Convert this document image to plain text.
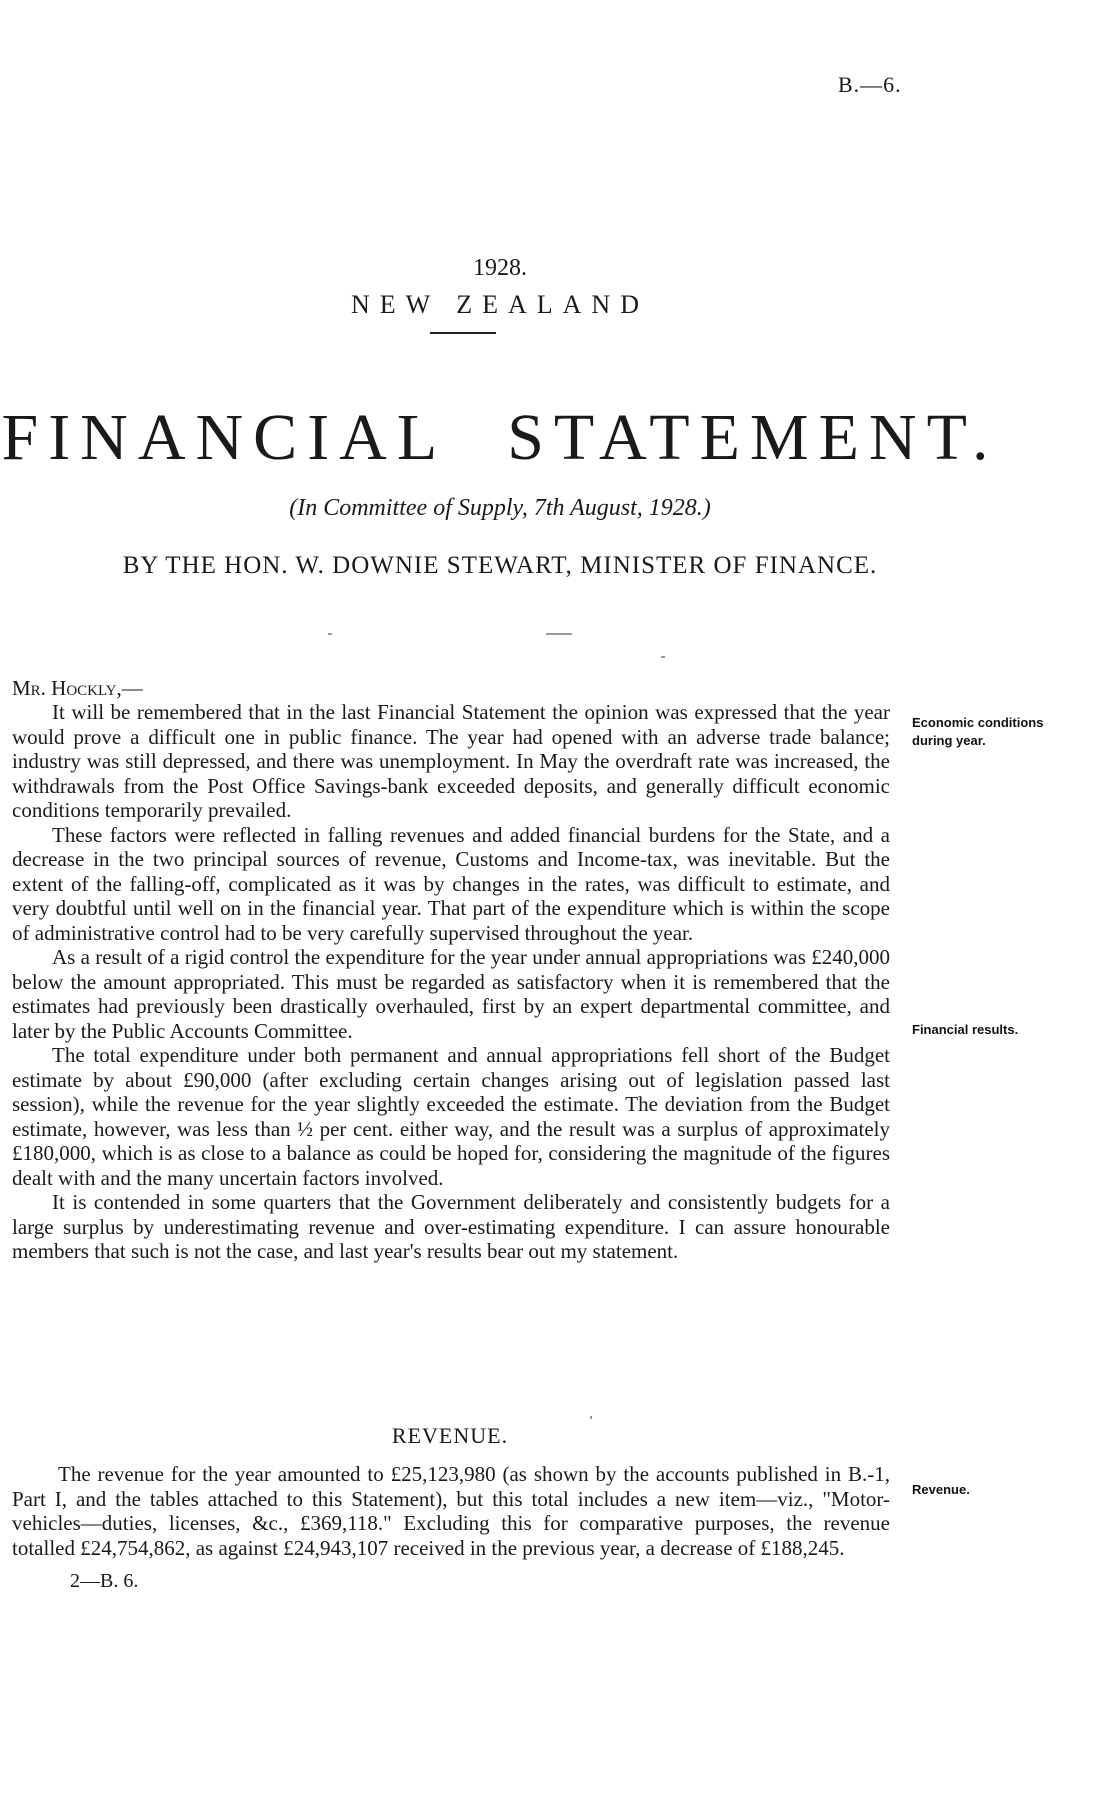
B.—6.
1928.
NEW ZEALAND
FINANCIAL STATEMENT.
(In Committee of Supply, 7th August, 1928.)
BY THE HON. W. DOWNIE STEWART, MINISTER OF FINANCE.
Mr. Hockly,—

It will be remembered that in the last Financial Statement the opinion was expressed that the year would prove a difficult one in public finance. The year had opened with an adverse trade balance; industry was still depressed, and there was unemployment. In May the overdraft rate was increased, the withdrawals from the Post Office Savings-bank exceeded deposits, and generally difficult economic conditions temporarily prevailed.

These factors were reflected in falling revenues and added financial burdens for the State, and a decrease in the two principal sources of revenue, Customs and Income-tax, was inevitable. But the extent of the falling-off, complicated as it was by changes in the rates, was difficult to estimate, and very doubtful until well on in the financial year. That part of the expenditure which is within the scope of administrative control had to be very carefully supervised throughout the year.

As a result of a rigid control the expenditure for the year under annual appropriations was £240,000 below the amount appropriated. This must be regarded as satisfactory when it is remembered that the estimates had previously been drastically overhauled, first by an expert departmental committee, and later by the Public Accounts Committee.

The total expenditure under both permanent and annual appropriations fell short of the Budget estimate by about £90,000 (after excluding certain changes arising out of legislation passed last session), while the revenue for the year slightly exceeded the estimate. The deviation from the Budget estimate, however, was less than ½ per cent. either way, and the result was a surplus of approximately £180,000, which is as close to a balance as could be hoped for, considering the magnitude of the figures dealt with and the many uncertain factors involved.

It is contended in some quarters that the Government deliberately and consistently budgets for a large surplus by underestimating revenue and over-estimating expenditure. I can assure honourable members that such is not the case, and last year's results bear out my statement.

Economic conditions during year.
Financial results.
REVENUE.
The revenue for the year amounted to £25,123,980 (as shown by the accounts published in B.-1, Part I, and the tables attached to this Statement), but this total includes a new item—viz., "Motor-vehicles—duties, licenses, &c., £369,118." Excluding this for comparative purposes, the revenue totalled £24,754,862, as against £24,943,107 received in the previous year, a decrease of £188,245.
Revenue.
2—B. 6.
